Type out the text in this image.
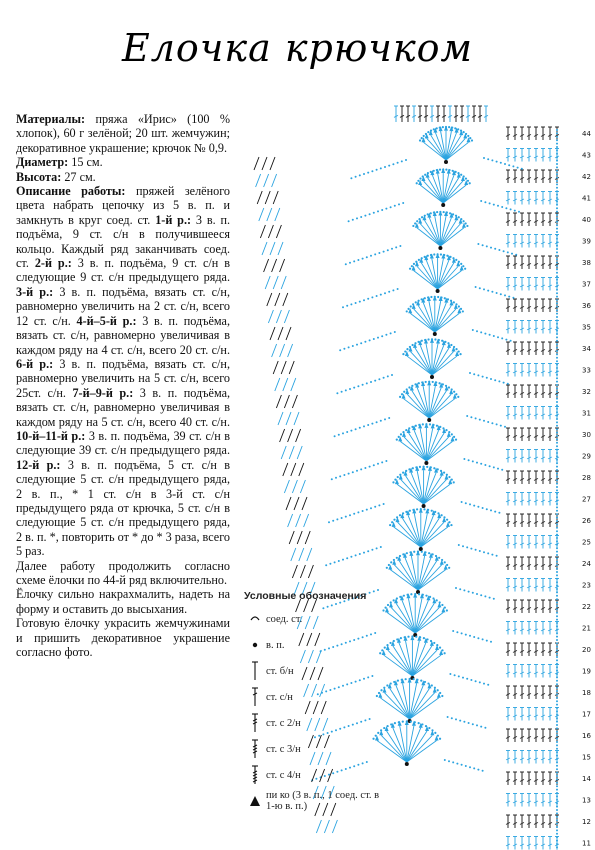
Елочка крючком

Материалы: пряжа «Ирис» (100 % хлопок), 60 г зелёной; 20 шт. жемчужин; декоративное украшение; крючок № 0,9.

Диаметр: 15 см.

Высота: 27 см.

Описание работы: пряжей зелёного цвета набрать цепочку из 5 в. п. и замкнуть в круг соед. ст. 1-й р.: 3 в. п. подъёма, 9 ст. с/н в получившееся кольцо. Каждый ряд заканчивать соед. ст. 2-й р.: 3 в. п. подъёма, 9 ст. с/н в следующие 9 ст. с/н предыдущего ряда. 3-й р.: 3 в. п. подъёма, вязать ст. с/н, равномерно увеличить на 2 ст. с/н, всего 12 ст. с/н. 4-й–5-й р.: 3 в. п. подъёма, вязать ст. с/н, равномерно увеличивая в каждом ряду на 4 ст. с/н, всего 20 ст. с/н. 6-й р.: 3 в. п. подъёма, вязать ст. с/н, равномерно увеличить на 5 ст. с/н, всего 25ст. с/н. 7-й–9-й р.: 3 в. п. подъёма, вязать ст. с/н, равномерно увеличивая в каждом ряду на 5 ст. с/н, всего 40 ст. с/н. 10-й–11-й р.: 3 в. п. подъёма, 39 ст. с/н в следующие 39 ст. с/н предыдущего ряда. 12-й р.: 3 в. п. подъёма, 5 ст. с/н в следующие 5 ст. с/н предыдущего ряда, 2 в. п., * 1 ст. с/н в 3-й ст. с/н предыдущего ряда от крючка, 5 ст. с/н в следующие 5 ст. с/н предыдущего ряда, 2 в. п. *, повторить от * до * 3 раза, всего 5 раз.

Далее работу продолжить согласно схеме ёлочки по 44-й ряд включительно.

Ёлочку сильно накрахмалить, надеть на форму и оставить до высыхания.

Готовую ёлочку украсить жемчужинами и пришить декоративное украшение согласно фото.

44
43
42
41
40
39
38
37
36
35
34
33
32
31
30
29
28
27
26
25
24
23
22
21
20
19
18
17
16
15
14
13
12
11
Условные обозначения
соед. ст.
в. п.
ст. б/н
ст. с/н
ст. с 2/н
ст. с 3/н
ст. с 4/н
пи ко (3 в. п., 1 соед. ст. в 1-ю в. п.)
